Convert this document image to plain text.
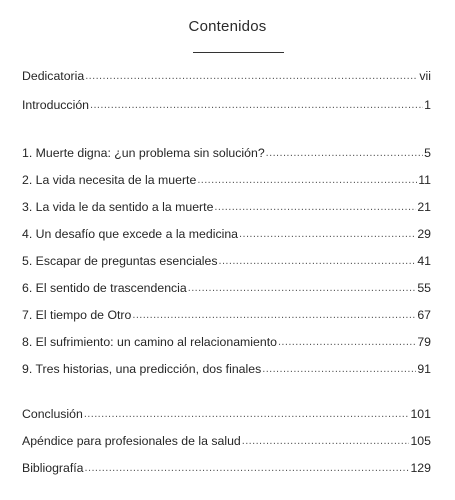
Contenidos
Dedicatoria .....	vii
Introducción .....	1
1. Muerte digna: ¿un problema sin solución? .....	5
2. La vida necesita de la muerte .....	11
3. La vida le da sentido a la muerte .....	21
4. Un desafío que excede a la medicina .....	29
5. Escapar de preguntas esenciales .....	41
6. El sentido de trascendencia .....	55
7. El tiempo de Otro .....	67
8. El sufrimiento: un camino al relacionamiento .....	79
9. Tres historias, una predicción, dos finales .....	91
Conclusión .....	101
Apéndice para profesionales de la salud .....	105
Bibliografía .....	129
